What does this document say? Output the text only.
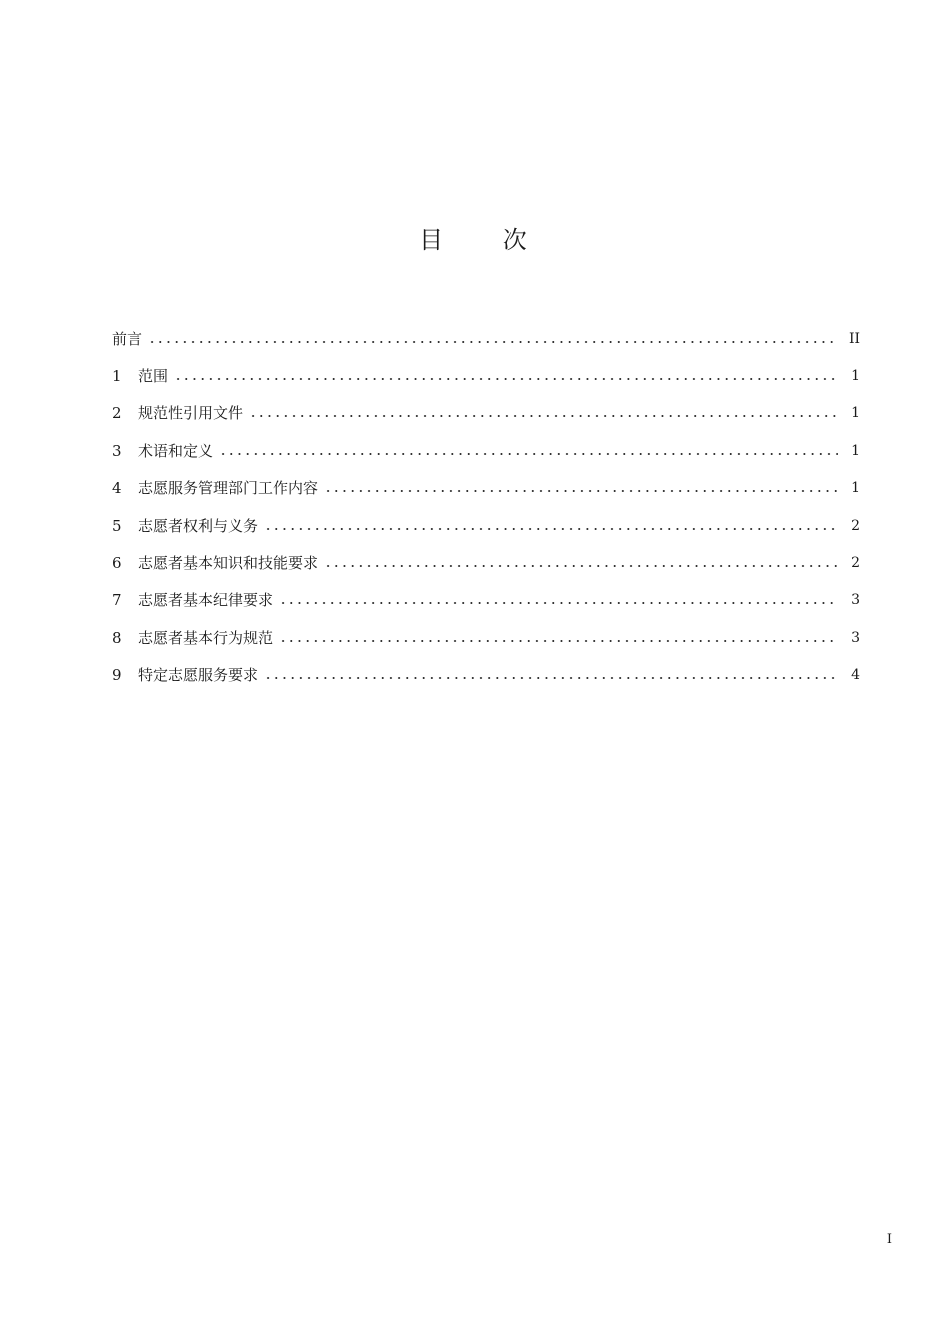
目 次
前言	II
1	范围	1
2	规范性引用文件	1
3	术语和定义	1
4	志愿服务管理部门工作内容	1
5	志愿者权利与义务	2
6	志愿者基本知识和技能要求	2
7	志愿者基本纪律要求	3
8	志愿者基本行为规范	3
9	特定志愿服务要求	4
I
